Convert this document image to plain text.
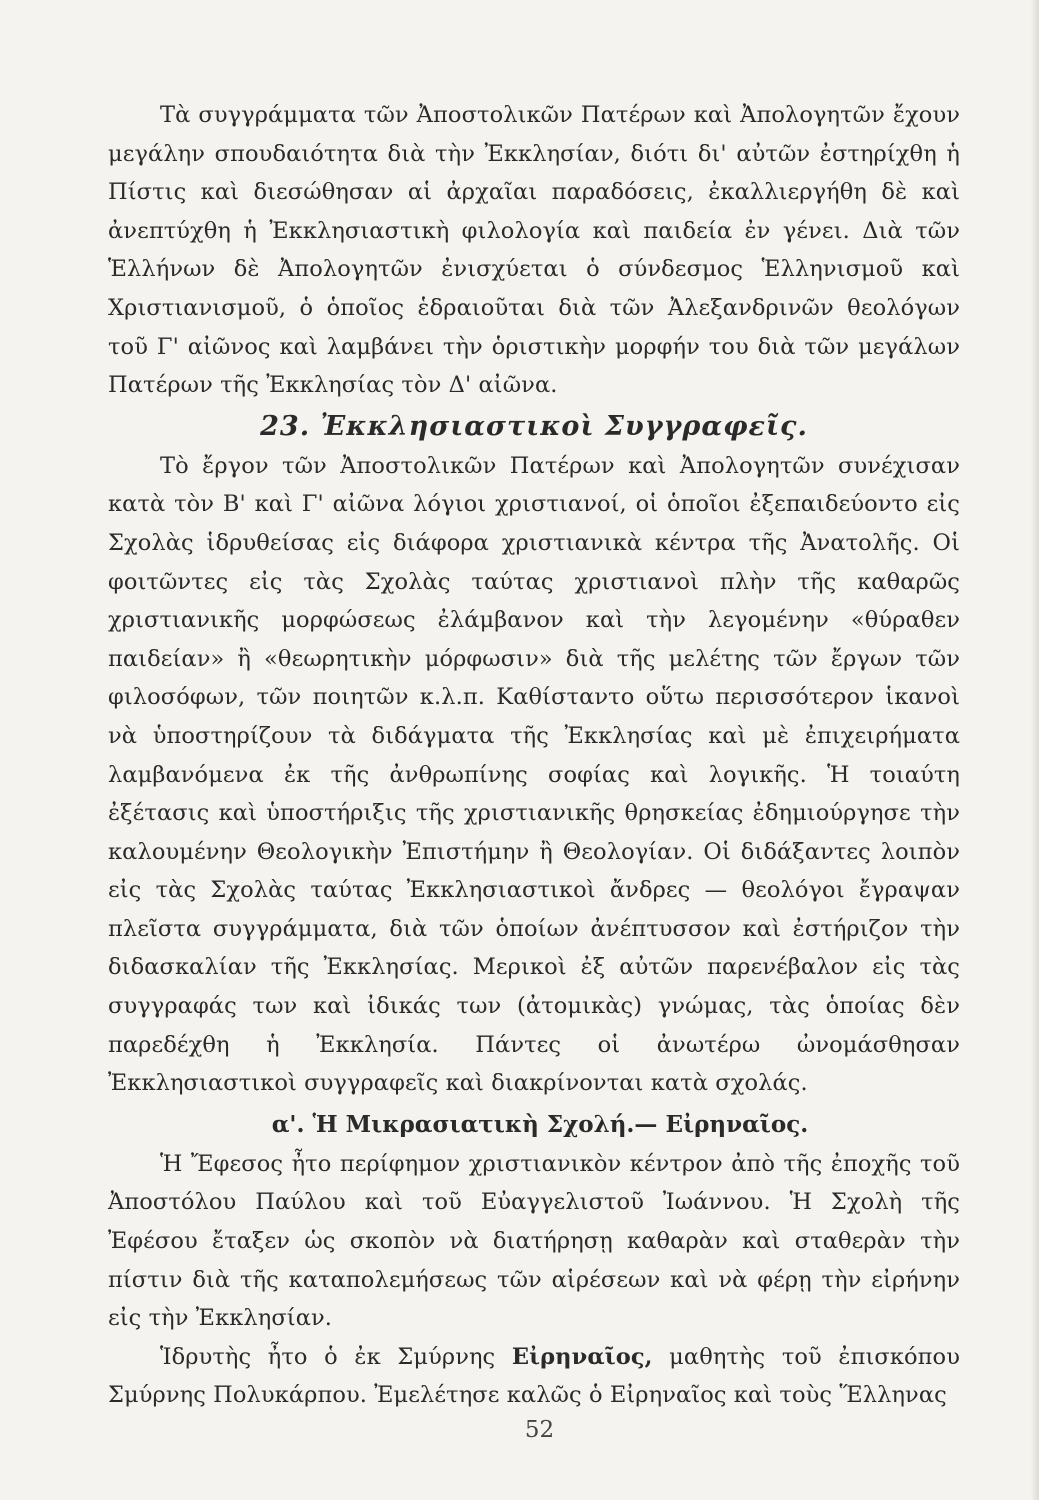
Τὰ συγγράμματα τῶν Ἀποστολικῶν Πατέρων καὶ Ἀπολογητῶν ἔχουν μεγάλην σπουδαιότητα διὰ τὴν Ἐκκλησίαν, διότι δι' αὐτῶν ἐστηρίχθη ἡ Πίστις καὶ διεσώθησαν αἱ ἀρχαῖαι παραδόσεις, ἐκαλλιεργήθη δὲ καὶ ἀνεπτύχθη ἡ Ἐκκλησιαστικὴ φιλολογία καὶ παιδεία ἐν γένει. Διὰ τῶν Ἑλλήνων δὲ Ἀπολογητῶν ἐνισχύεται ὁ σύνδεσμος Ἑλληνισμοῦ καὶ Χριστιανισμοῦ, ὁ ὁποῖος ἑδραιοῦται διὰ τῶν Ἀλεξανδρινῶν θεολόγων τοῦ Γ' αἰῶνος καὶ λαμβάνει τὴν ὁριστικὴν μορφήν του διὰ τῶν μεγάλων Πατέρων τῆς Ἐκκλησίας τὸν Δ' αἰῶνα.

23. Ἐκκλησιαστικοὶ Συγγραφεῖς.

Τὸ ἔργον τῶν Ἀποστολικῶν Πατέρων καὶ Ἀπολογητῶν συνέχισαν κατὰ τὸν Β' καὶ Γ' αἰῶνα λόγιοι χριστιανοί, οἱ ὁποῖοι ἐξεπαιδεύοντο εἰς Σχολὰς ἱδρυθείσας εἰς διάφορα χριστιανικὰ κέντρα τῆς Ἀνατολῆς. Οἱ φοιτῶντες εἰς τὰς Σχολὰς ταύτας χριστιανοὶ πλὴν τῆς καθαρῶς χριστιανικῆς μορφώσεως ἐλάμβανον καὶ τὴν λεγομένην «θύραθεν παιδείαν» ἢ «θεωρητικὴν μόρφωσιν» διὰ τῆς μελέτης τῶν ἔργων τῶν φιλοσόφων, τῶν ποιητῶν κ.λ.π. Καθίσταντο οὕτω περισσότερον ἱκανοὶ νὰ ὑποστηρίζουν τὰ διδάγματα τῆς Ἐκκλησίας καὶ μὲ ἐπιχειρήματα λαμβανόμενα ἐκ τῆς ἀνθρωπίνης σοφίας καὶ λογικῆς. Ἡ τοιαύτη ἐξέτασις καὶ ὑποστήριξις τῆς χριστιανικῆς θρησκείας ἐδημιούργησε τὴν καλουμένην Θεολογικὴν Ἐπιστήμην ἢ Θεολογίαν. Οἱ διδάξαντες λοιπὸν εἰς τὰς Σχολὰς ταύτας Ἐκκλησιαστικοὶ ἄνδρες — θεολόγοι ἔγραψαν πλεῖστα συγγράμματα, διὰ τῶν ὁποίων ἀνέπτυσσον καὶ ἐστήριζον τὴν διδασκαλίαν τῆς Ἐκκλησίας. Μερικοὶ ἐξ αὐτῶν παρενέβαλον εἰς τὰς συγγραφάς των καὶ ἰδικάς των (ἀτομικὰς) γνώμας, τὰς ὁποίας δὲν παρεδέχθη ἡ Ἐκκλησία. Πάντες οἱ ἀνωτέρω ὠνομάσθησαν Ἐκκλησιαστικοὶ συγγραφεῖς καὶ διακρίνονται κατὰ σχολάς.

α'. Ἡ Μικρασιατικὴ Σχολή.— Εἰρηναῖος.

Ἡ Ἔφεσος ἦτο περίφημον χριστιανικὸν κέντρον ἀπὸ τῆς ἐποχῆς τοῦ Ἀποστόλου Παύλου καὶ τοῦ Εὐαγγελιστοῦ Ἰωάννου. Ἡ Σχολὴ τῆς Ἐφέσου ἔταξεν ὡς σκοπὸν νὰ διατήρησῃ καθαρὰν καὶ σταθερὰν τὴν πίστιν διὰ τῆς καταπολεμήσεως τῶν αἱρέσεων καὶ νὰ φέρῃ τὴν εἰρήνην εἰς τὴν Ἐκκλησίαν.

Ἱδρυτὴς ἦτο ὁ ἐκ Σμύρνης Εἰρηναῖος, μαθητὴς τοῦ ἐπισκόπου Σμύρνης Πολυκάρπου. Ἐμελέτησε καλῶς ὁ Εἰρηναῖος καὶ τοὺς Ἕλληνας

52
